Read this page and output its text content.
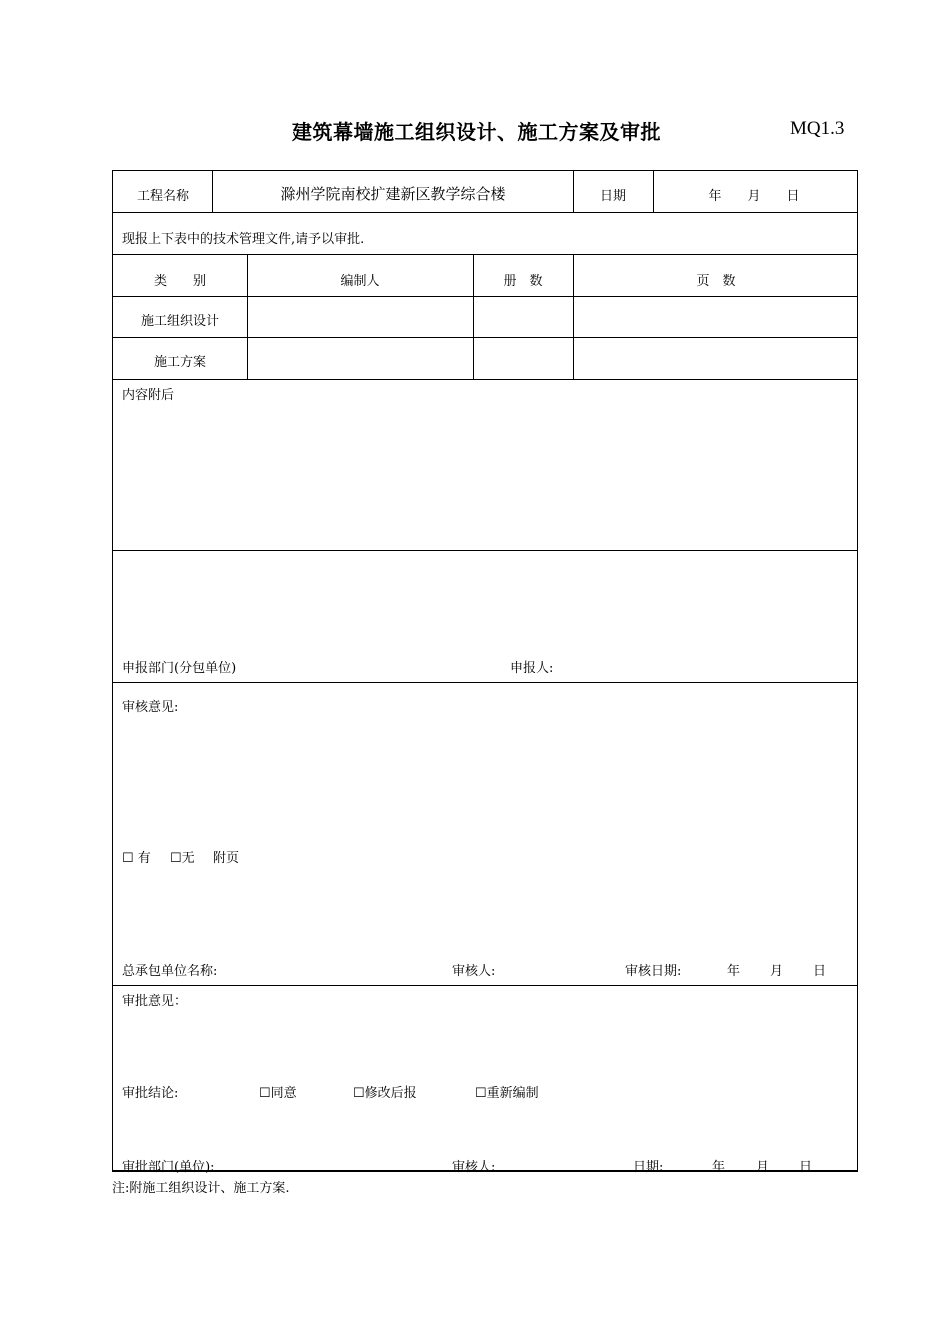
建筑幕墙施工组织设计、施工方案及审批	MQ1.3
工程名称	滁州学院南校扩建新区教学综合楼	日期	年　　月　　日
现报上下表中的技术管理文件,请予以审批.
类　　别	编制人	册　数	页　数
施工组织设计
施工方案
内容附后
申报部门(分包单位)	申报人:
审核意见:
☐ 有 ☐无 附页
总承包单位名称:	审核人:	审核日期:	年 月 日
审批意见：
审批结论:	☐同意	☐修改后报	☐重新编制
审批部门(单位):	审核人:	日期:	年 月 日
注:附施工组织设计、施工方案.
